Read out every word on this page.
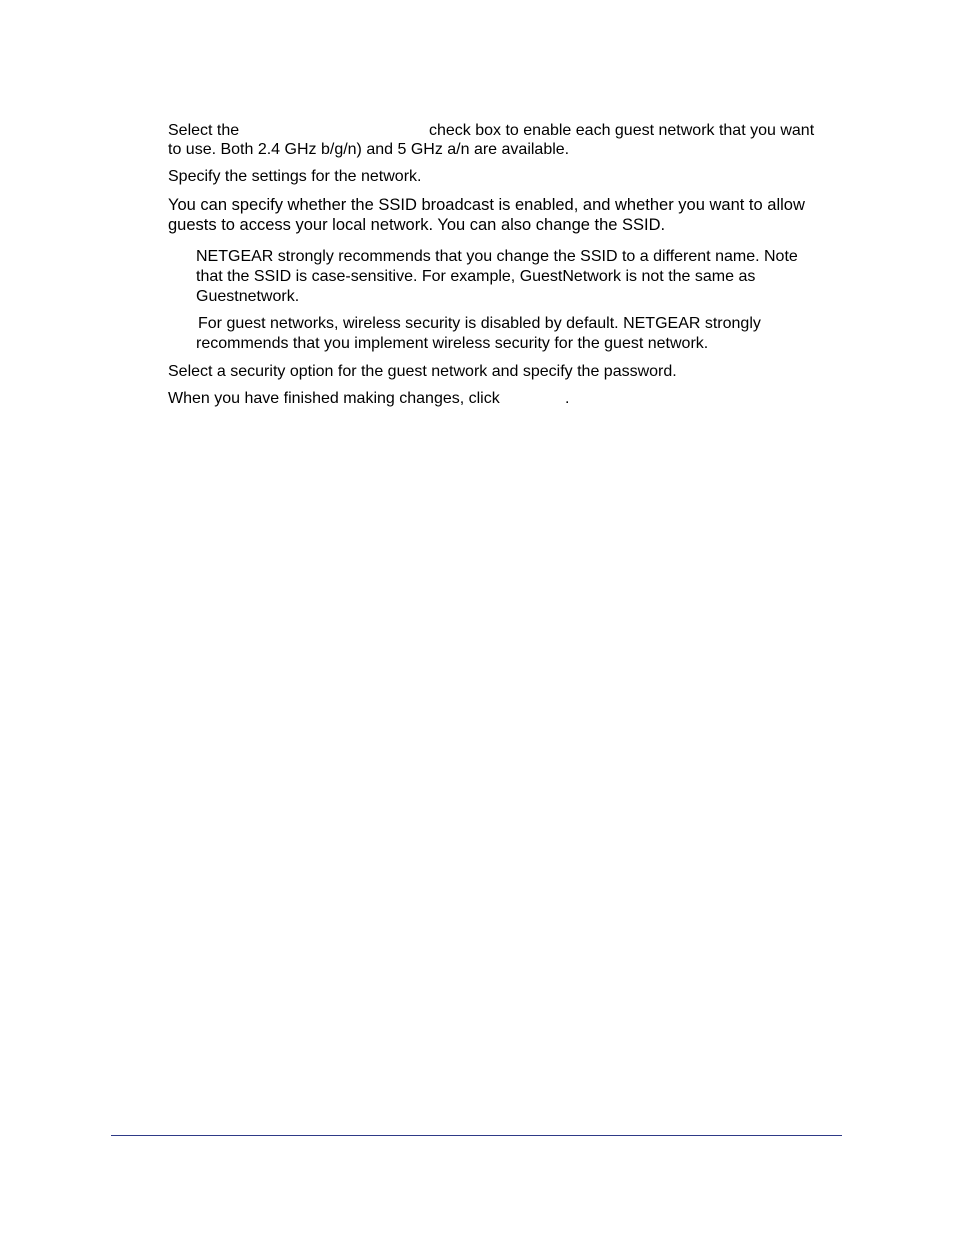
Select the	check box to enable each guest network that you want
to use. Both 2.4 GHz b/g/n) and 5 GHz a/n are available.
Specify the settings for the network.
You can specify whether the SSID broadcast is enabled, and whether you want to allow
guests to access your local network. You can also change the SSID.
NETGEAR strongly recommends that you change the SSID to a different name. Note
that the SSID is case-sensitive. For example, GuestNetwork is not the same as
Guestnetwork.
For guest networks, wireless security is disabled by default. NETGEAR strongly
recommends that you implement wireless security for the guest network.
Select a security option for the guest network and specify the password.
When you have finished making changes, click	.
